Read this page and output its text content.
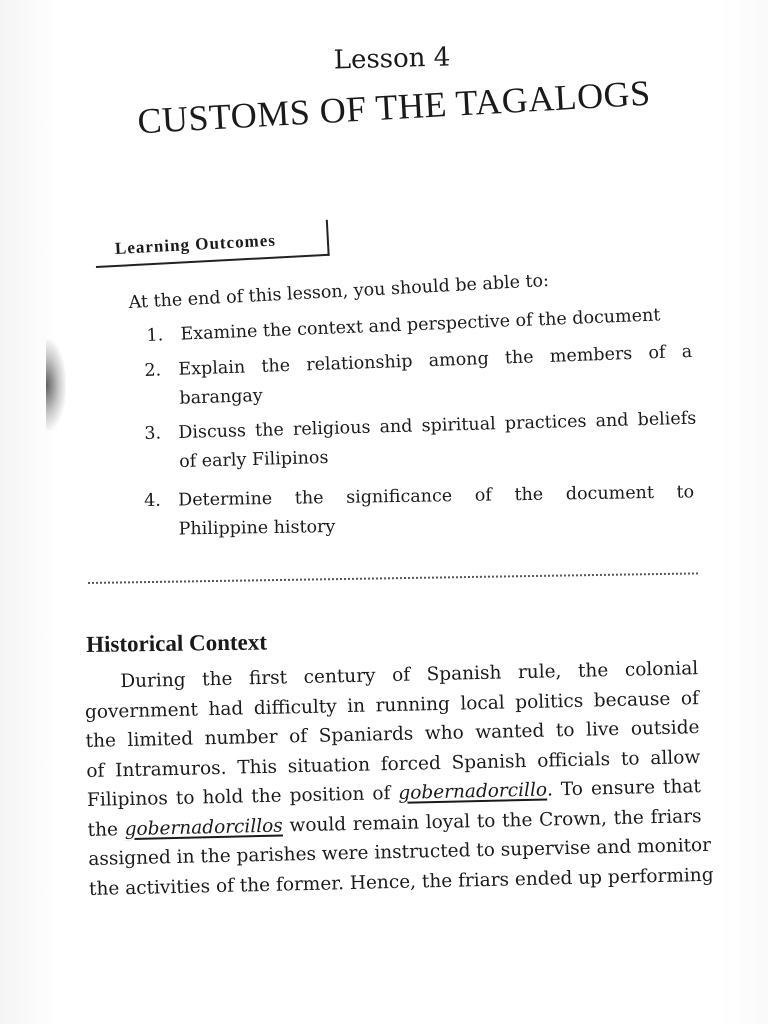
Lesson 4
CUSTOMS OF THE TAGALOGS
Learning Outcomes
At the end of this lesson, you should be able to:
1. Examine the context and perspective of the document
2. Explain the relationship among the members of a
barangay
3. Discuss the religious and spiritual practices and beliefs
of early Filipinos
4. Determine the significance of the document to
Philippine history
Historical Context
During the first century of Spanish rule, the colonial
government had difficulty in running local politics because of
the limited number of Spaniards who wanted to live outside
of Intramuros. This situation forced Spanish officials to allow
Filipinos to hold the position of gobernadorcillo. To ensure that
the gobernadorcillos would remain loyal to the Crown, the friars
assigned in the parishes were instructed to supervise and monitor
the activities of the former. Hence, the friars ended up performing
